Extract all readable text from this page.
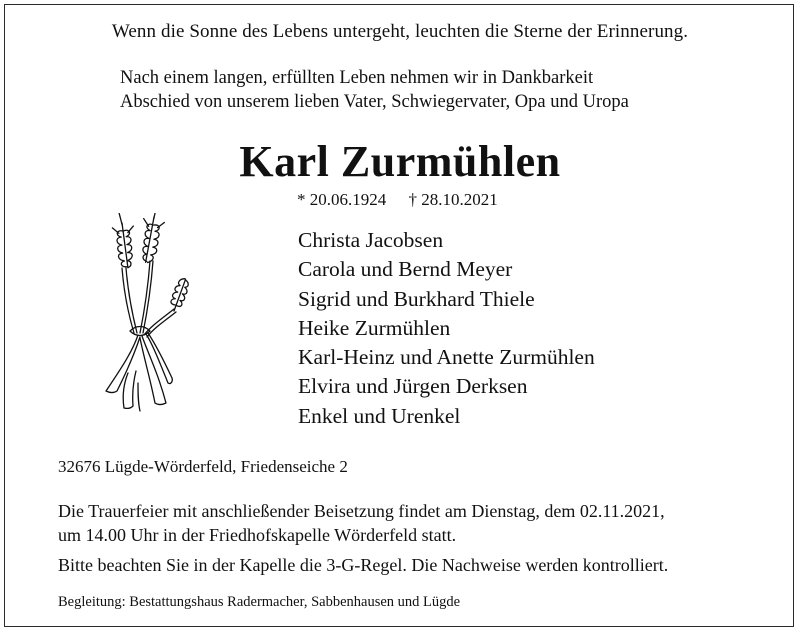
Wenn die Sonne des Lebens untergeht, leuchten die Sterne der Erinnerung.
Nach einem langen, erfüllten Leben nehmen wir in Dankbarkeit
Abschied von unserem lieben Vater, Schwiegervater, Opa und Uropa
Karl Zurmühlen
* 20.06.1924 † 28.10.2021
Christa Jacobsen
Carola und Bernd Meyer
Sigrid und Burkhard Thiele
Heike Zurmühlen
Karl-Heinz und Anette Zurmühlen
Elvira und Jürgen Derksen
Enkel und Urenkel
32676 Lügde-Wörderfeld, Friedenseiche 2
Die Trauerfeier mit anschließender Beisetzung findet am Dienstag, dem 02.11.2021,
um 14.00 Uhr in der Friedhofskapelle Wörderfeld statt.
Bitte beachten Sie in der Kapelle die 3-G-Regel. Die Nachweise werden kontrolliert.
Begleitung: Bestattungshaus Radermacher, Sabbenhausen und Lügde
